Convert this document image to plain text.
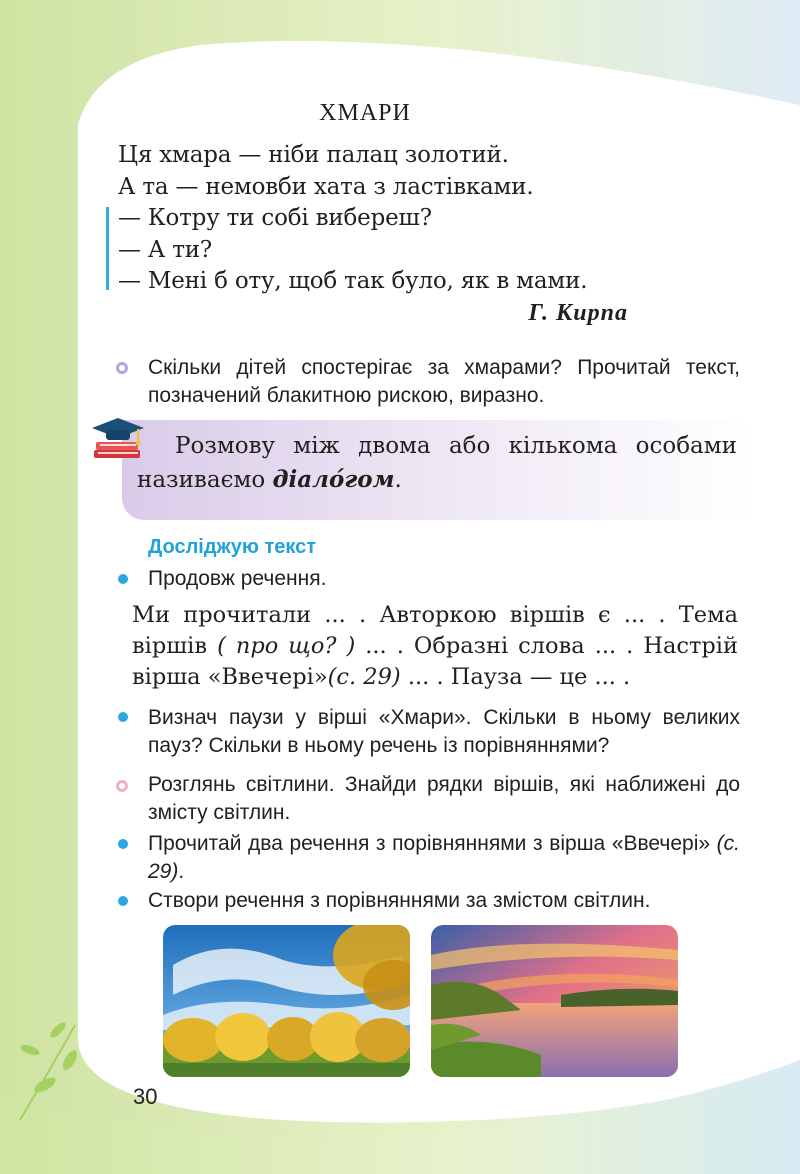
ХМАРИ
Ця хмара — ніби палац золотий.
А та — немовби хата з ластівками.
— Котру ти собі вибереш?
— А ти?
— Мені б оту, щоб так було, як в мами.
Г. Кирпа
Скільки дітей спостерігає за хмарами? Прочитай текст, позначений блакитною рискою, виразно.
Розмову між двома або кількома особами називаємо діало́гом.
Досліджую текст
Продовж речення.
Ми прочитали ... . Авторкою віршів є ... . Тема віршів ( про що? ) ... . Образні слова ... . Настрій вірша «Ввечері»(с. 29) ... . Пауза — це ... .
Визнач паузи у вірші «Хмари». Скільки в ньому великих пауз? Скільки в ньому речень із порівняннями?
Розглянь світлини. Знайди рядки віршів, які наближені до змісту світлин.
Прочитай два речення з порівняннями з вірша «Ввечері» (с. 29).
Створи речення з порівняннями за змістом світлин.
30
